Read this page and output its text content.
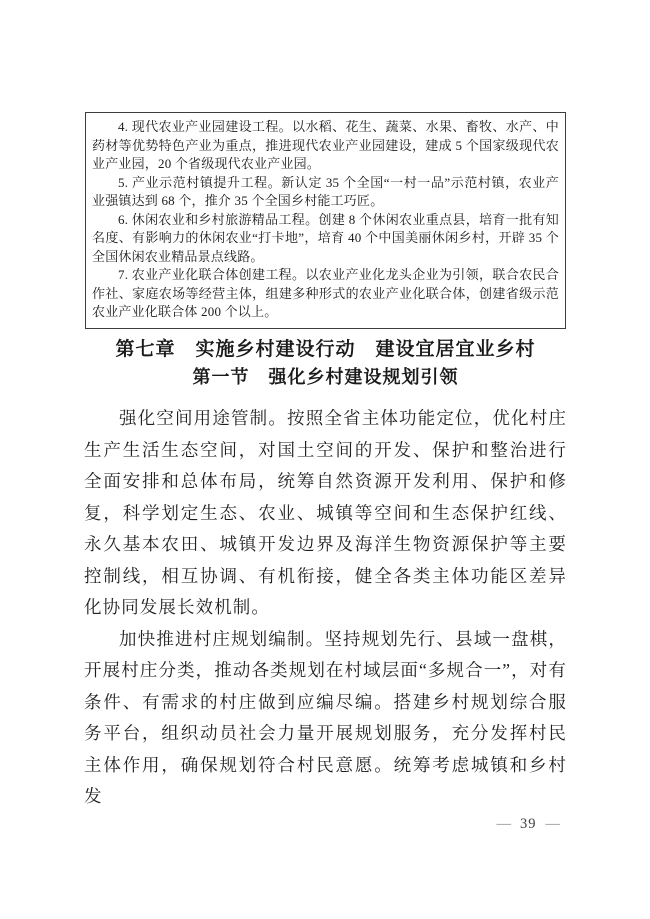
4. 现代农业产业园建设工程。以水稻、花生、蔬菜、水果、畜牧、水产、中药材等优势特色产业为重点，推进现代农业产业园建设，建成 5 个国家级现代农业产业园，20 个省级现代农业产业园。

5. 产业示范村镇提升工程。新认定 35 个全国“一村一品”示范村镇，农业产业强镇达到 68 个，推介 35 个全国乡村能工巧匠。

6. 休闲农业和乡村旅游精品工程。创建 8 个休闲农业重点县，培育一批有知名度、有影响力的休闲农业“打卡地”，培育 40 个中国美丽休闲乡村，开辟 35 个全国休闲农业精品景点线路。

7. 农业产业化联合体创建工程。以农业产业化龙头企业为引领，联合农民合作社、家庭农场等经营主体，组建多种形式的农业产业化联合体，创建省级示范农业产业化联合体 200 个以上。

第七章　实施乡村建设行动　建设宜居宜业乡村
第一节　强化乡村建设规划引领

强化空间用途管制。按照全省主体功能定位，优化村庄生产生活生态空间，对国土空间的开发、保护和整治进行全面安排和总体布局，统筹自然资源开发利用、保护和修复，科学划定生态、农业、城镇等空间和生态保护红线、永久基本农田、城镇开发边界及海洋生物资源保护等主要控制线，相互协调、有机衔接，健全各类主体功能区差异化协同发展长效机制。

加快推进村庄规划编制。坚持规划先行、县域一盘棋，开展村庄分类，推动各类规划在村域层面“多规合一”，对有条件、有需求的村庄做到应编尽编。搭建乡村规划综合服务平台，组织动员社会力量开展规划服务，充分发挥村民主体作用，确保规划符合村民意愿。统筹考虑城镇和乡村发

— 39 —
